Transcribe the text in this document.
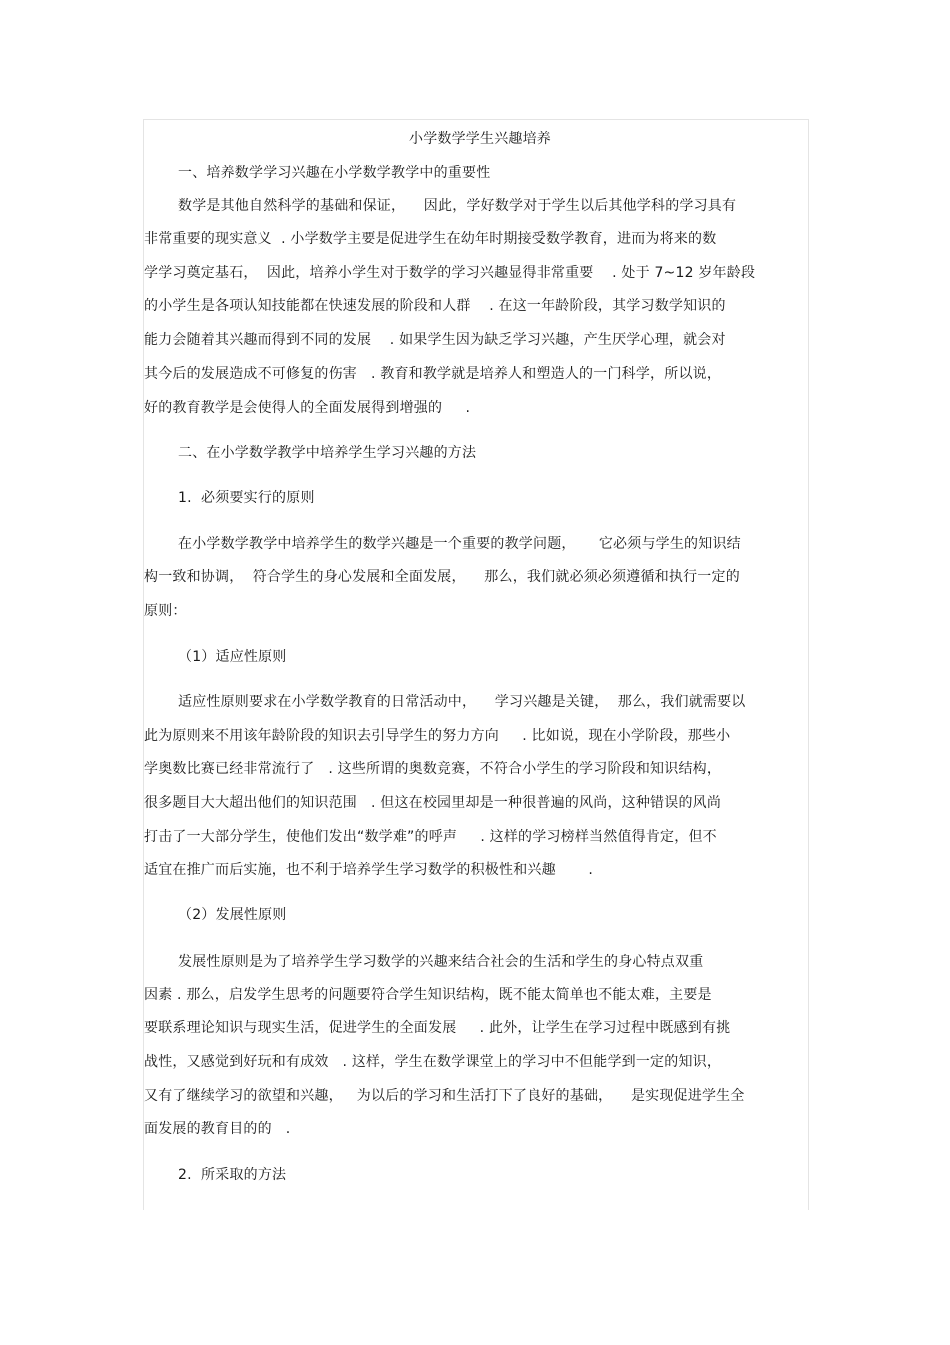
小学数学学生兴趣培养
一、培养数学学习兴趣在小学数学教学中的重要性
数学是其他自然科学的基础和保证，    因此，学好数学对于学生以后其他学科的学习具有
非常重要的现实意义  . 小学数学主要是促进学生在幼年时期接受数学教育，进而为将来的数
学学习奠定基石，  因此，培养小学生对于数学的学习兴趣显得非常重要    . 处于 7~12 岁年龄段
的小学生是各项认知技能都在快速发展的阶段和人群    . 在这一年龄阶段，其学习数学知识的
能力会随着其兴趣而得到不同的发展    . 如果学生因为缺乏学习兴趣，产生厌学心理，就会对
其今后的发展造成不可修复的伤害   . 教育和教学就是培养人和塑造人的一门科学，所以说，
好的教育教学是会使得人的全面发展得到增强的     .
二、在小学数学教学中培养学生学习兴趣的方法
1.  必须要实行的原则
在小学数学教学中培养学生的数学兴趣是一个重要的教学问题，     它必须与学生的知识结
构一致和协调，  符合学生的身心发展和全面发展，    那么，我们就必须必须遵循和执行一定的
原则：
（1）适应性原则
适应性原则要求在小学数学教育的日常活动中，    学习兴趣是关键，  那么，我们就需要以
此为原则来不用该年龄阶段的知识去引导学生的努力方向     . 比如说，现在小学阶段，那些小
学奥数比赛已经非常流行了   . 这些所谓的奥数竞赛，不符合小学生的学习阶段和知识结构，
很多题目大大超出他们的知识范围   . 但这在校园里却是一种很普遍的风尚，这种错误的风尚
打击了一大部分学生，使他们发出“数学难”的呼声     . 这样的学习榜样当然值得肯定，但不
适宜在推广而后实施，也不利于培养学生学习数学的积极性和兴趣       .
（2）发展性原则
发展性原则是为了培养学生学习数学的兴趣来结合社会的生活和学生的身心特点双重
因素 . 那么，启发学生思考的问题要符合学生知识结构，既不能太简单也不能太难，主要是
要联系理论知识与现实生活，促进学生的全面发展     . 此外，让学生在学习过程中既感到有挑
战性，又感觉到好玩和有成效   . 这样，学生在数学课堂上的学习中不但能学到一定的知识，
又有了继续学习的欲望和兴趣，   为以后的学习和生活打下了良好的基础，    是实现促进学生全
面发展的教育目的的   .
2.  所采取的方法
